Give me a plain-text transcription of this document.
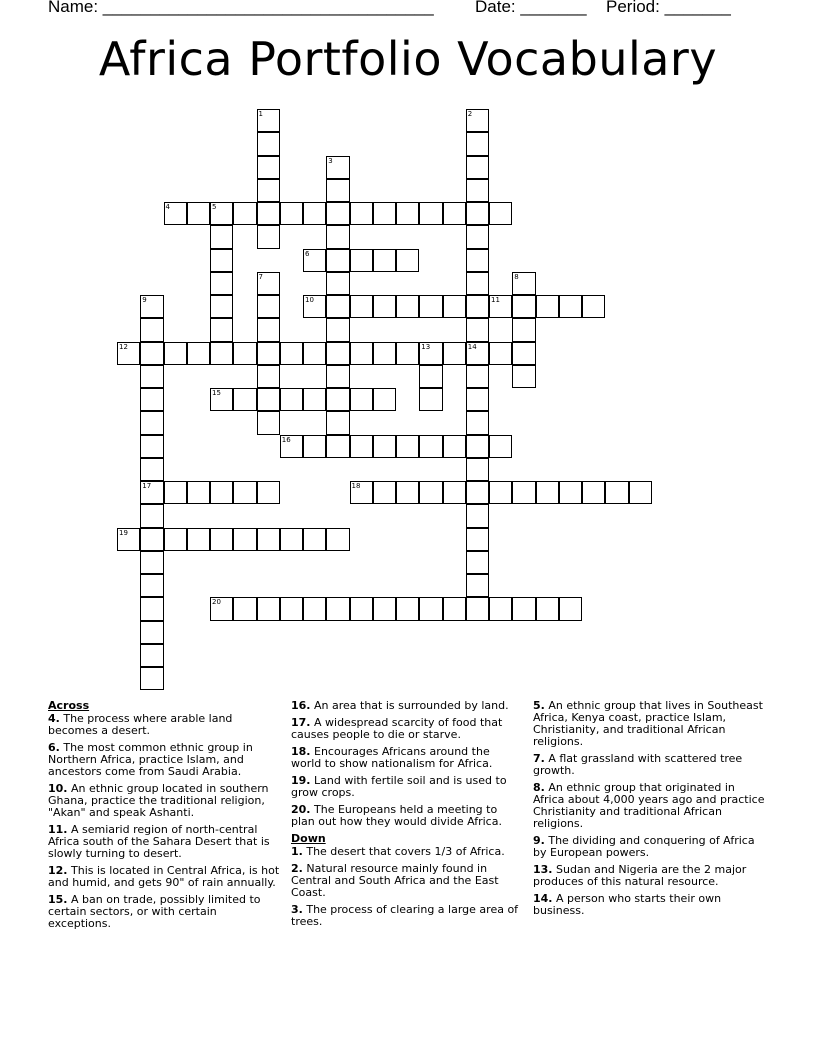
Name: ___________________________________ Date: _______ Period: _______
Africa Portfolio Vocabulary
1	2
3
4	5
6
7	8
9	10	11
12	13	14
15
16
17	18
19
20
Across
4. The process where arable land becomes a desert.
6. The most common ethnic group in Northern Africa, practice Islam, and ancestors come from Saudi Arabia.
10. An ethnic group located in southern Ghana, practice the traditional religion, "Akan" and speak Ashanti.
11. A semiarid region of north-central Africa south of the Sahara Desert that is slowly turning to desert.
12. This is located in Central Africa, is hot and humid, and gets 90" of rain annually.
15. A ban on trade, possibly limited to certain sectors, or with certain exceptions.
16. An area that is surrounded by land.
17. A widespread scarcity of food that causes people to die or starve.
18. Encourages Africans around the world to show nationalism for Africa.
19. Land with fertile soil and is used to grow crops.
20. The Europeans held a meeting to plan out how they would divide Africa.
Down
1. The desert that covers 1/3 of Africa.
2. Natural resource mainly found in Central and South Africa and the East Coast.
3. The process of clearing a large area of trees.
5. An ethnic group that lives in Southeast Africa, Kenya coast, practice Islam, Christianity, and traditional African religions.
7. A flat grassland with scattered tree growth.
8. An ethnic group that originated in Africa about 4,000 years ago and practice Christianity and traditional African religions.
9. The dividing and conquering of Africa by European powers.
13. Sudan and Nigeria are the 2 major produces of this natural resource.
14. A person who starts their own business.
